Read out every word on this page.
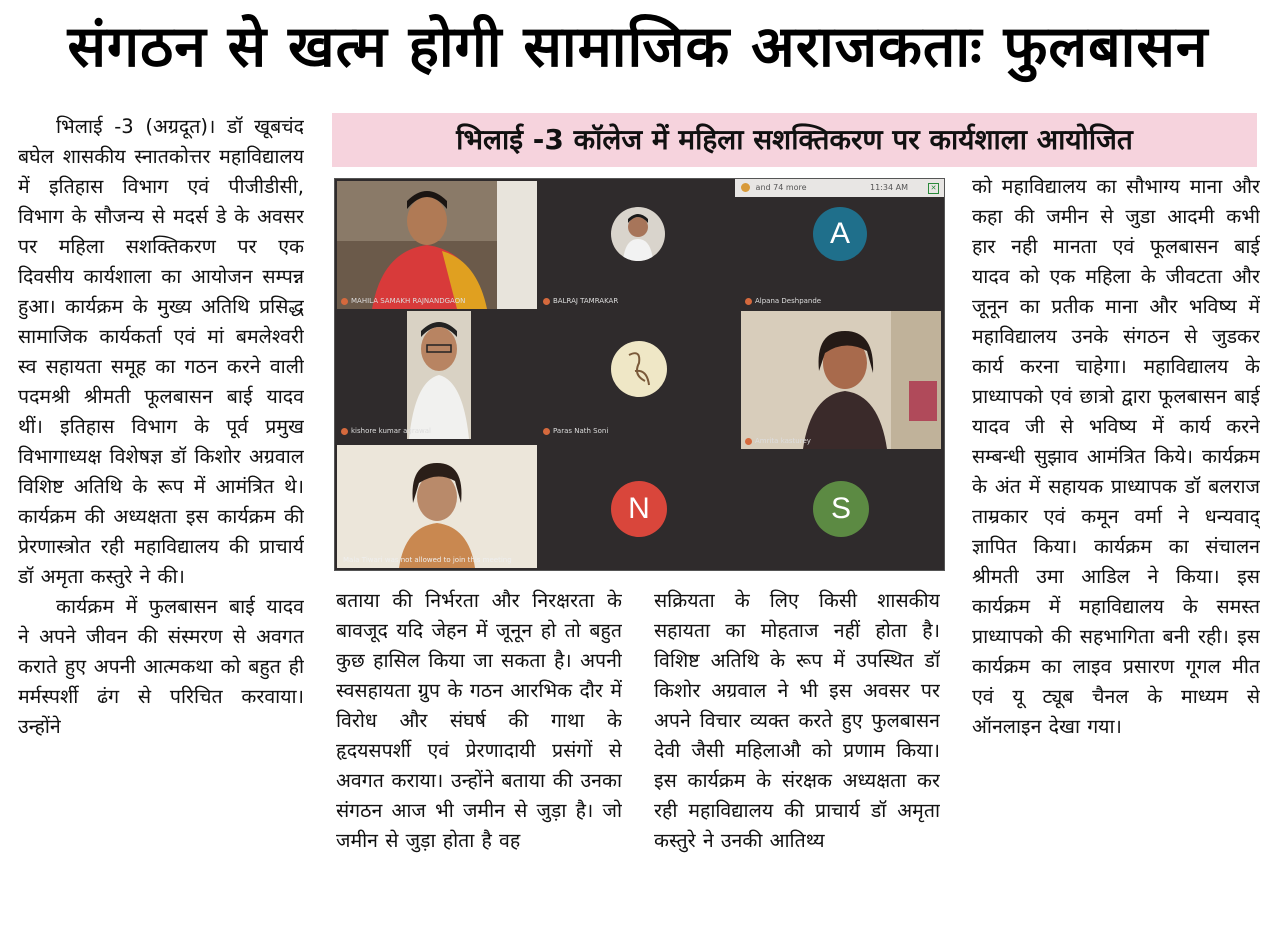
संगठन से खत्म होगी सामाजिक अराजकताः फुलबासन

भिलाई -3 (अग्रदूत)। डॉ खूबचंद बघेल शासकीय स्नातकोत्तर महाविद्यालय में इतिहास विभाग एवं पीजीडीसी, विभाग के सौजन्य से मदर्स डे के अवसर पर महिला सशक्तिकरण पर एक दिवसीय कार्यशाला का आयोजन सम्पन्न हुआ। कार्यक्रम के मुख्य अतिथि प्रसिद्ध सामाजिक कार्यकर्ता एवं मां बमलेश्वरी स्व सहायता समूह का गठन करने वाली पदमश्री श्रीमती फूलबासन बाई यादव थीं। इतिहास विभाग के पूर्व प्रमुख विभागाध्यक्ष विशेषज्ञ डॉ किशोर अग्रवाल विशिष्ट अतिथि के रूप में आमंत्रित थे। कार्यक्रम की अध्यक्षता इस कार्यक्रम की प्रेरणास्त्रोत रही महाविद्यालय की प्राचार्य डॉ अमृता कस्तुरे ने की।

कार्यक्रम में फुलबासन बाई यादव ने अपने जीवन की संस्मरण से अवगत कराते हुए अपनी आत्मकथा को बहुत ही मर्मस्पर्शी ढंग से परिचित करवाया। उन्होंने

भिलाई -3 कॉलेज में महिला सशक्तिकरण पर कार्यशाला आयोजित
and 74 more	11:34 AM	✕
MAHILA SAMAKH RAJNANDGAON	BALRAJ TAMRAKAR
A
Alpana Deshpande
kishore kumar agrawal	Paras Nath Soni
Amrita kasturey
Mala Tiwari was not allowed to join this meeting
N	S

बताया की निर्भरता और निरक्षरता के बावजूद यदि जेहन में जूनून हो तो बहुत कुछ हासिल किया जा सकता है। अपनी स्वसहायता ग्रुप के गठन आरभिक दौर में विरोध और संघर्ष की गाथा के हृदयसपर्शी एवं प्रेरणादायी प्रसंगों से अवगत कराया। उन्होंने बताया की उनका संगठन आज भी जमीन से जुड़ा है। जो जमीन से जुड़ा होता है वह

सक्रियता के लिए किसी शासकीय सहायता का मोहताज नहीं होता है। विशिष्ट अतिथि के रूप में उपस्थित डॉ किशोर अग्रवाल ने भी इस अवसर पर अपने विचार व्यक्त करते हुए फुलबासन देवी जैसी महिलाऔ को प्रणाम किया। इस कार्यक्रम के संरक्षक अध्यक्षता कर रही महाविद्यालय की प्राचार्य डॉ अमृता कस्तुरे ने उनकी आतिथ्य

को महाविद्यालय का सौभाग्य माना और कहा की जमीन से जुडा आदमी कभी हार नही मानता एवं फूलबासन बाई यादव को एक महिला के जीवटता और जूनून का प्रतीक माना और भविष्य में महाविद्यालय उनके संगठन से जुडकर कार्य करना चाहेगा। महाविद्यालय के प्राध्यापको एवं छात्रो द्वारा फूलबासन बाई यादव जी से भविष्य में कार्य करने सम्बन्धी सुझाव आमंत्रित किये। कार्यक्रम के अंत में सहायक प्राध्यापक डॉ बलराज ताम्रकार एवं कमून वर्मा ने धन्यवाद् ज्ञापित किया। कार्यक्रम का संचालन श्रीमती उमा आडिल ने किया। इस कार्यक्रम में महाविद्यालय के समस्त प्राध्यापको की सहभागिता बनी रही। इस कार्यक्रम का लाइव प्रसारण गूगल मीत एवं यू ट्यूब चैनल के माध्यम से ऑनलाइन देखा गया।
